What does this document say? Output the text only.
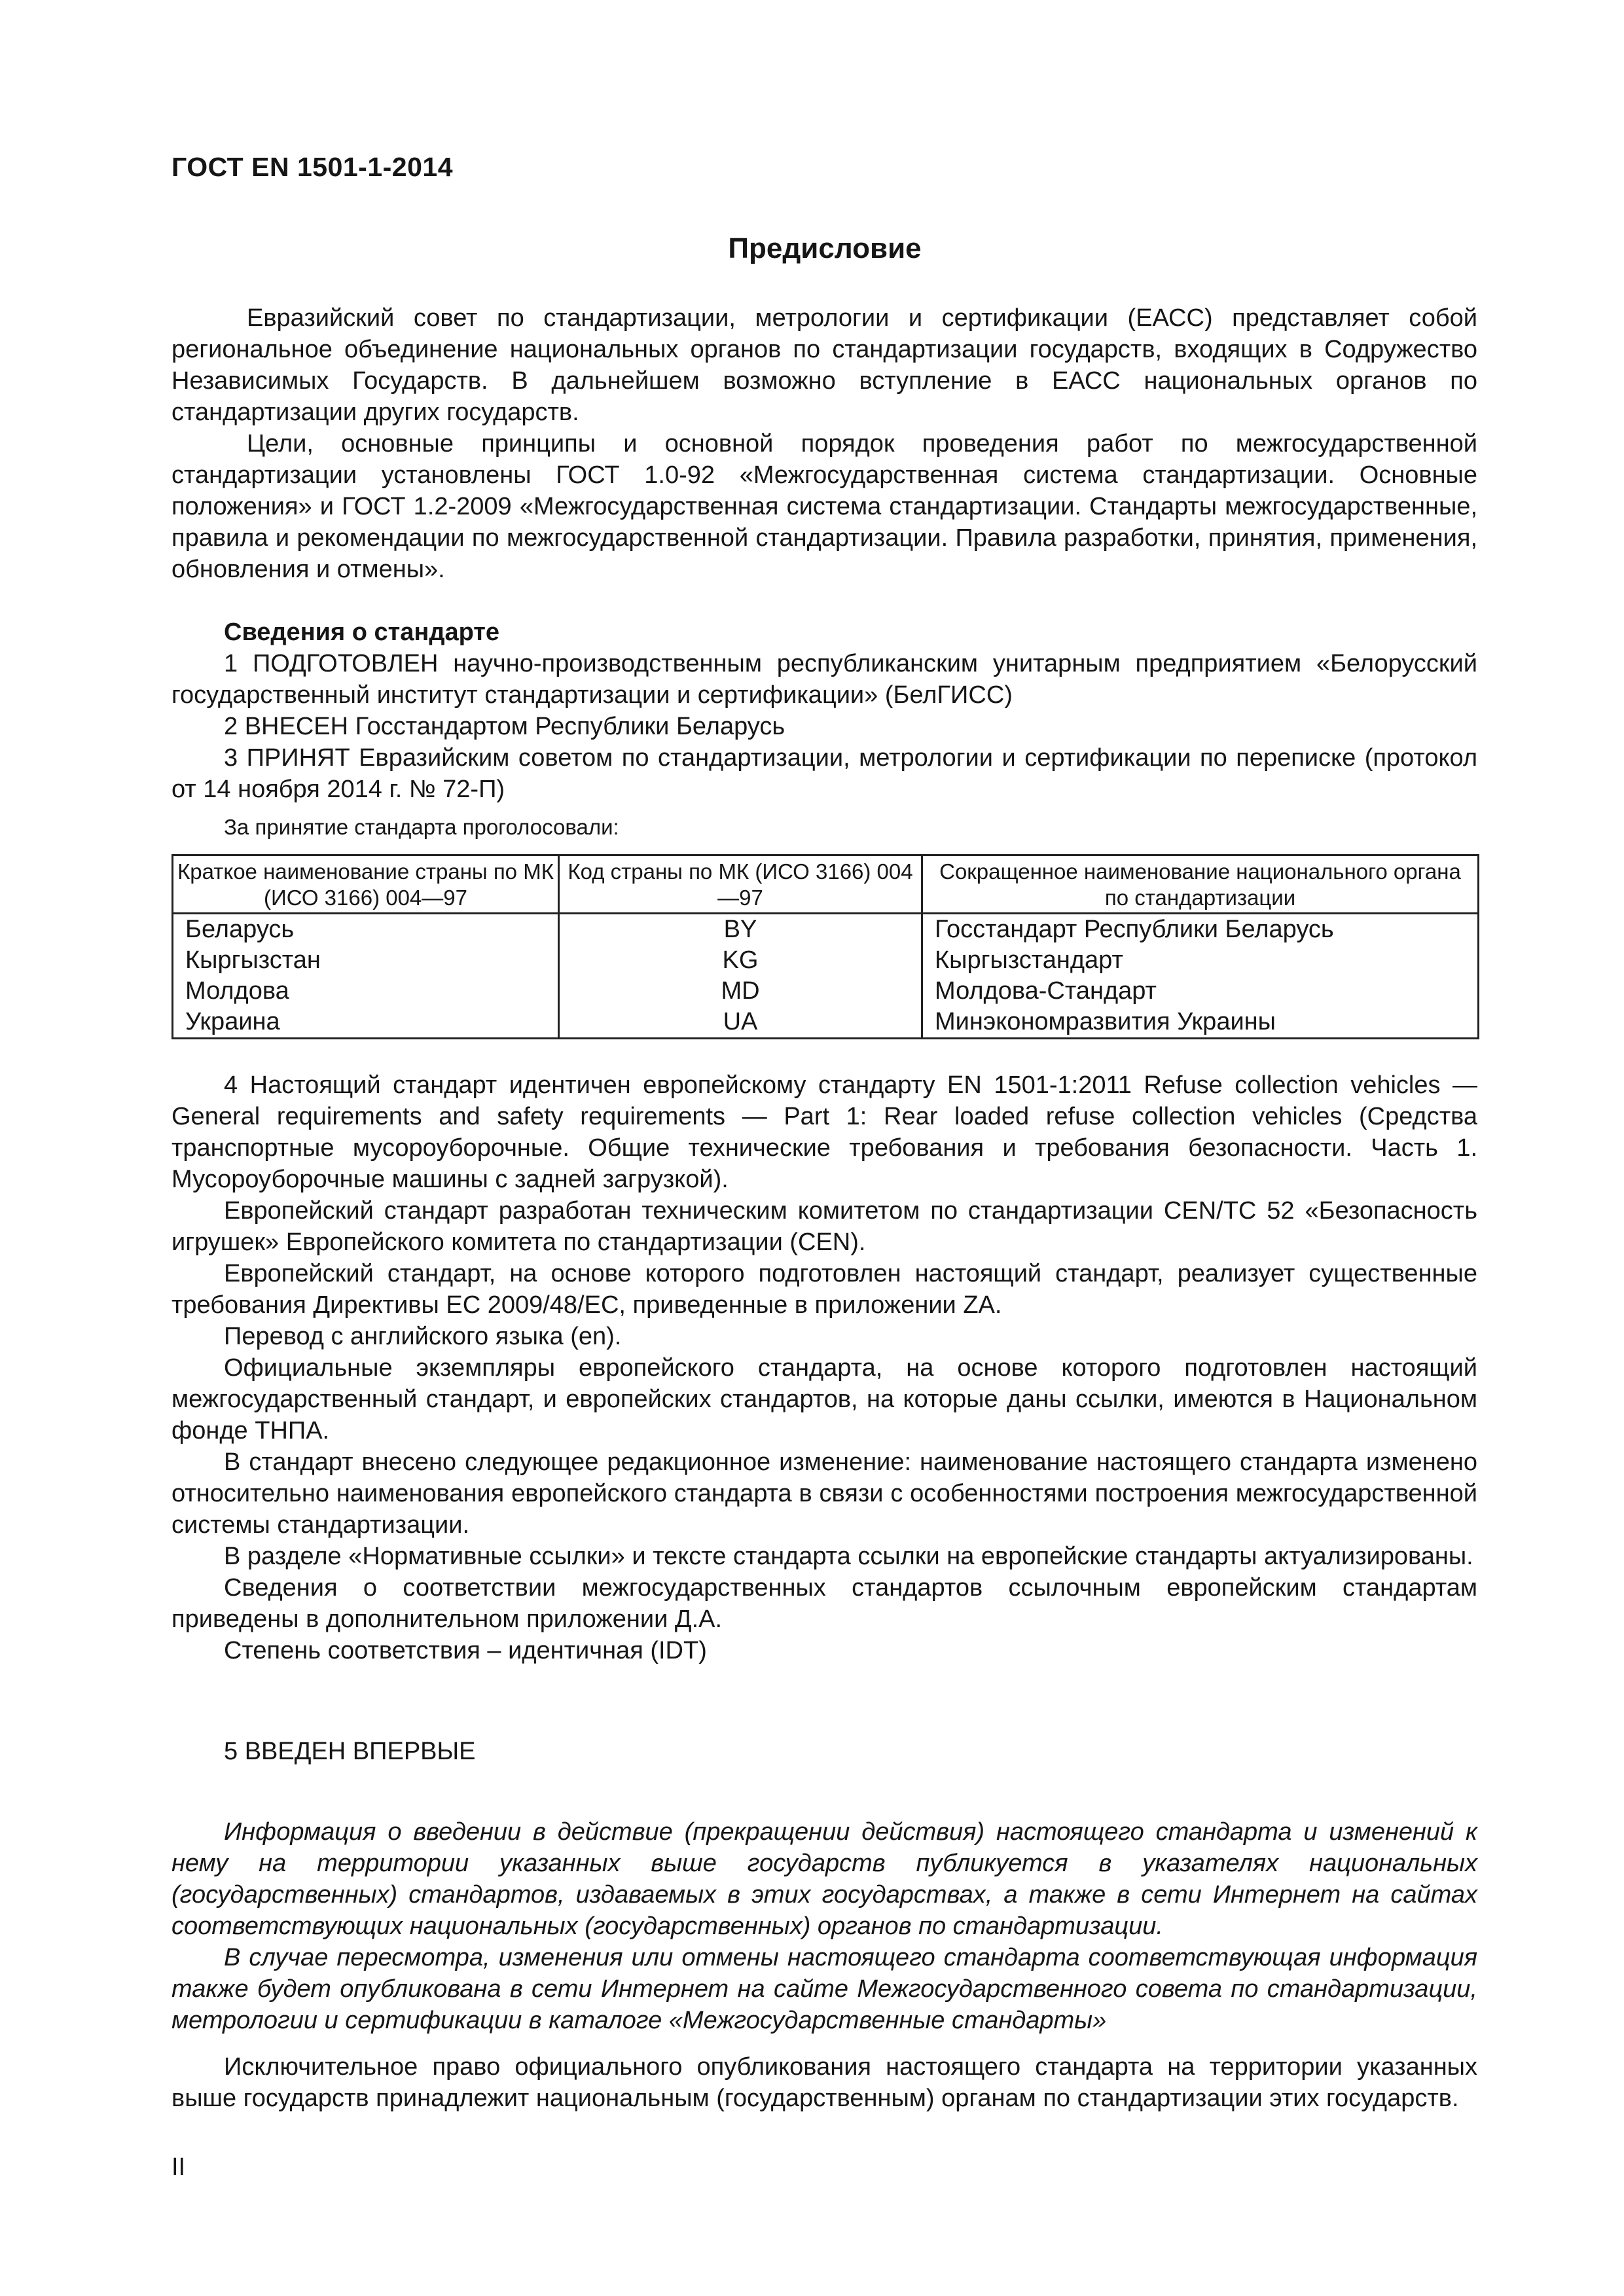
ГОСТ EN 1501-1-2014
Предисловие

Евразийский совет по стандартизации, метрологии и сертификации (ЕАСС) представляет собой региональное объединение национальных органов по стандартизации государств, входящих в Содружество Независимых Государств. В дальнейшем возможно вступление в ЕАСС национальных органов по стандартизации других государств.

Цели, основные принципы и основной порядок проведения работ по межгосударственной стандартизации установлены ГОСТ 1.0-92 «Межгосударственная система стандартизации. Основные положения» и ГОСТ 1.2-2009 «Межгосударственная система стандартизации. Стандарты межгосударственные, правила и рекомендации по межгосударственной стандартизации. Правила разработки, принятия, применения, обновления и отмены».

Сведения о стандарте

1 ПОДГОТОВЛЕН научно-производственным республиканским унитарным предприятием «Белорусский государственный институт стандартизации и сертификации» (БелГИСС)

2 ВНЕСЕН Госстандартом Республики Беларусь

3 ПРИНЯТ Евразийским советом по стандартизации, метрологии и сертификации по переписке (протокол от 14 ноября 2014 г. № 72-П)

За принятие стандарта проголосовали:

Краткое наименование страны по МК (ИСО 3166) 004—97	Код страны по МК (ИСО 3166) 004—97	Сокращенное наименование национального органа по стандартизации
Беларусь	BY	Госстандарт Республики Беларусь
Кыргызстан	KG	Кыргызстандарт
Молдова	MD	Молдова-Стандарт
Украина	UA	Минэкономразвития Украины

4 Настоящий стандарт идентичен европейскому стандарту EN 1501-1:2011 Refuse collection vehicles — General requirements and safety requirements — Part 1: Rear loaded refuse collection vehicles (Средства транспортные мусороуборочные. Общие технические требования и требования безопасности. Часть 1. Мусороуборочные машины с задней загрузкой).

Европейский стандарт разработан техническим комитетом по стандартизации CEN/TC 52 «Безопасность игрушек» Европейского комитета по стандартизации (CEN).

Европейский стандарт, на основе которого подготовлен настоящий стандарт, реализует существенные требования Директивы ЕС 2009/48/EC, приведенные в приложении ZA.

Перевод с английского языка (en).

Официальные экземпляры европейского стандарта, на основе которого подготовлен настоящий межгосударственный стандарт, и европейских стандартов, на которые даны ссылки, имеются в Национальном фонде ТНПА.

В стандарт внесено следующее редакционное изменение: наименование настоящего стандарта изменено относительно наименования европейского стандарта в связи с особенностями построения межгосударственной системы стандартизации.

В разделе «Нормативные ссылки» и тексте стандарта ссылки на европейские стандарты актуализированы.

Сведения о соответствии межгосударственных стандартов ссылочным европейским стандартам приведены в дополнительном приложении Д.А.

Степень соответствия – идентичная (IDT)

5 ВВЕДЕН ВПЕРВЫЕ

Информация о введении в действие (прекращении действия) настоящего стандарта и изменений к нему на территории указанных выше государств публикуется в указателях национальных (государственных) стандартов, издаваемых в этих государствах, а также в сети Интернет на сайтах соответствующих национальных (государственных) органов по стандартизации.

В случае пересмотра, изменения или отмены настоящего стандарта соответствующая информация также будет опубликована в сети Интернет на сайте Межгосударственного совета по стандартизации, метрологии и сертификации в каталоге «Межгосударственные стандарты»

Исключительное право официального опубликования настоящего стандарта на территории указанных выше государств принадлежит национальным (государственным) органам по стандартизации этих государств.

II
